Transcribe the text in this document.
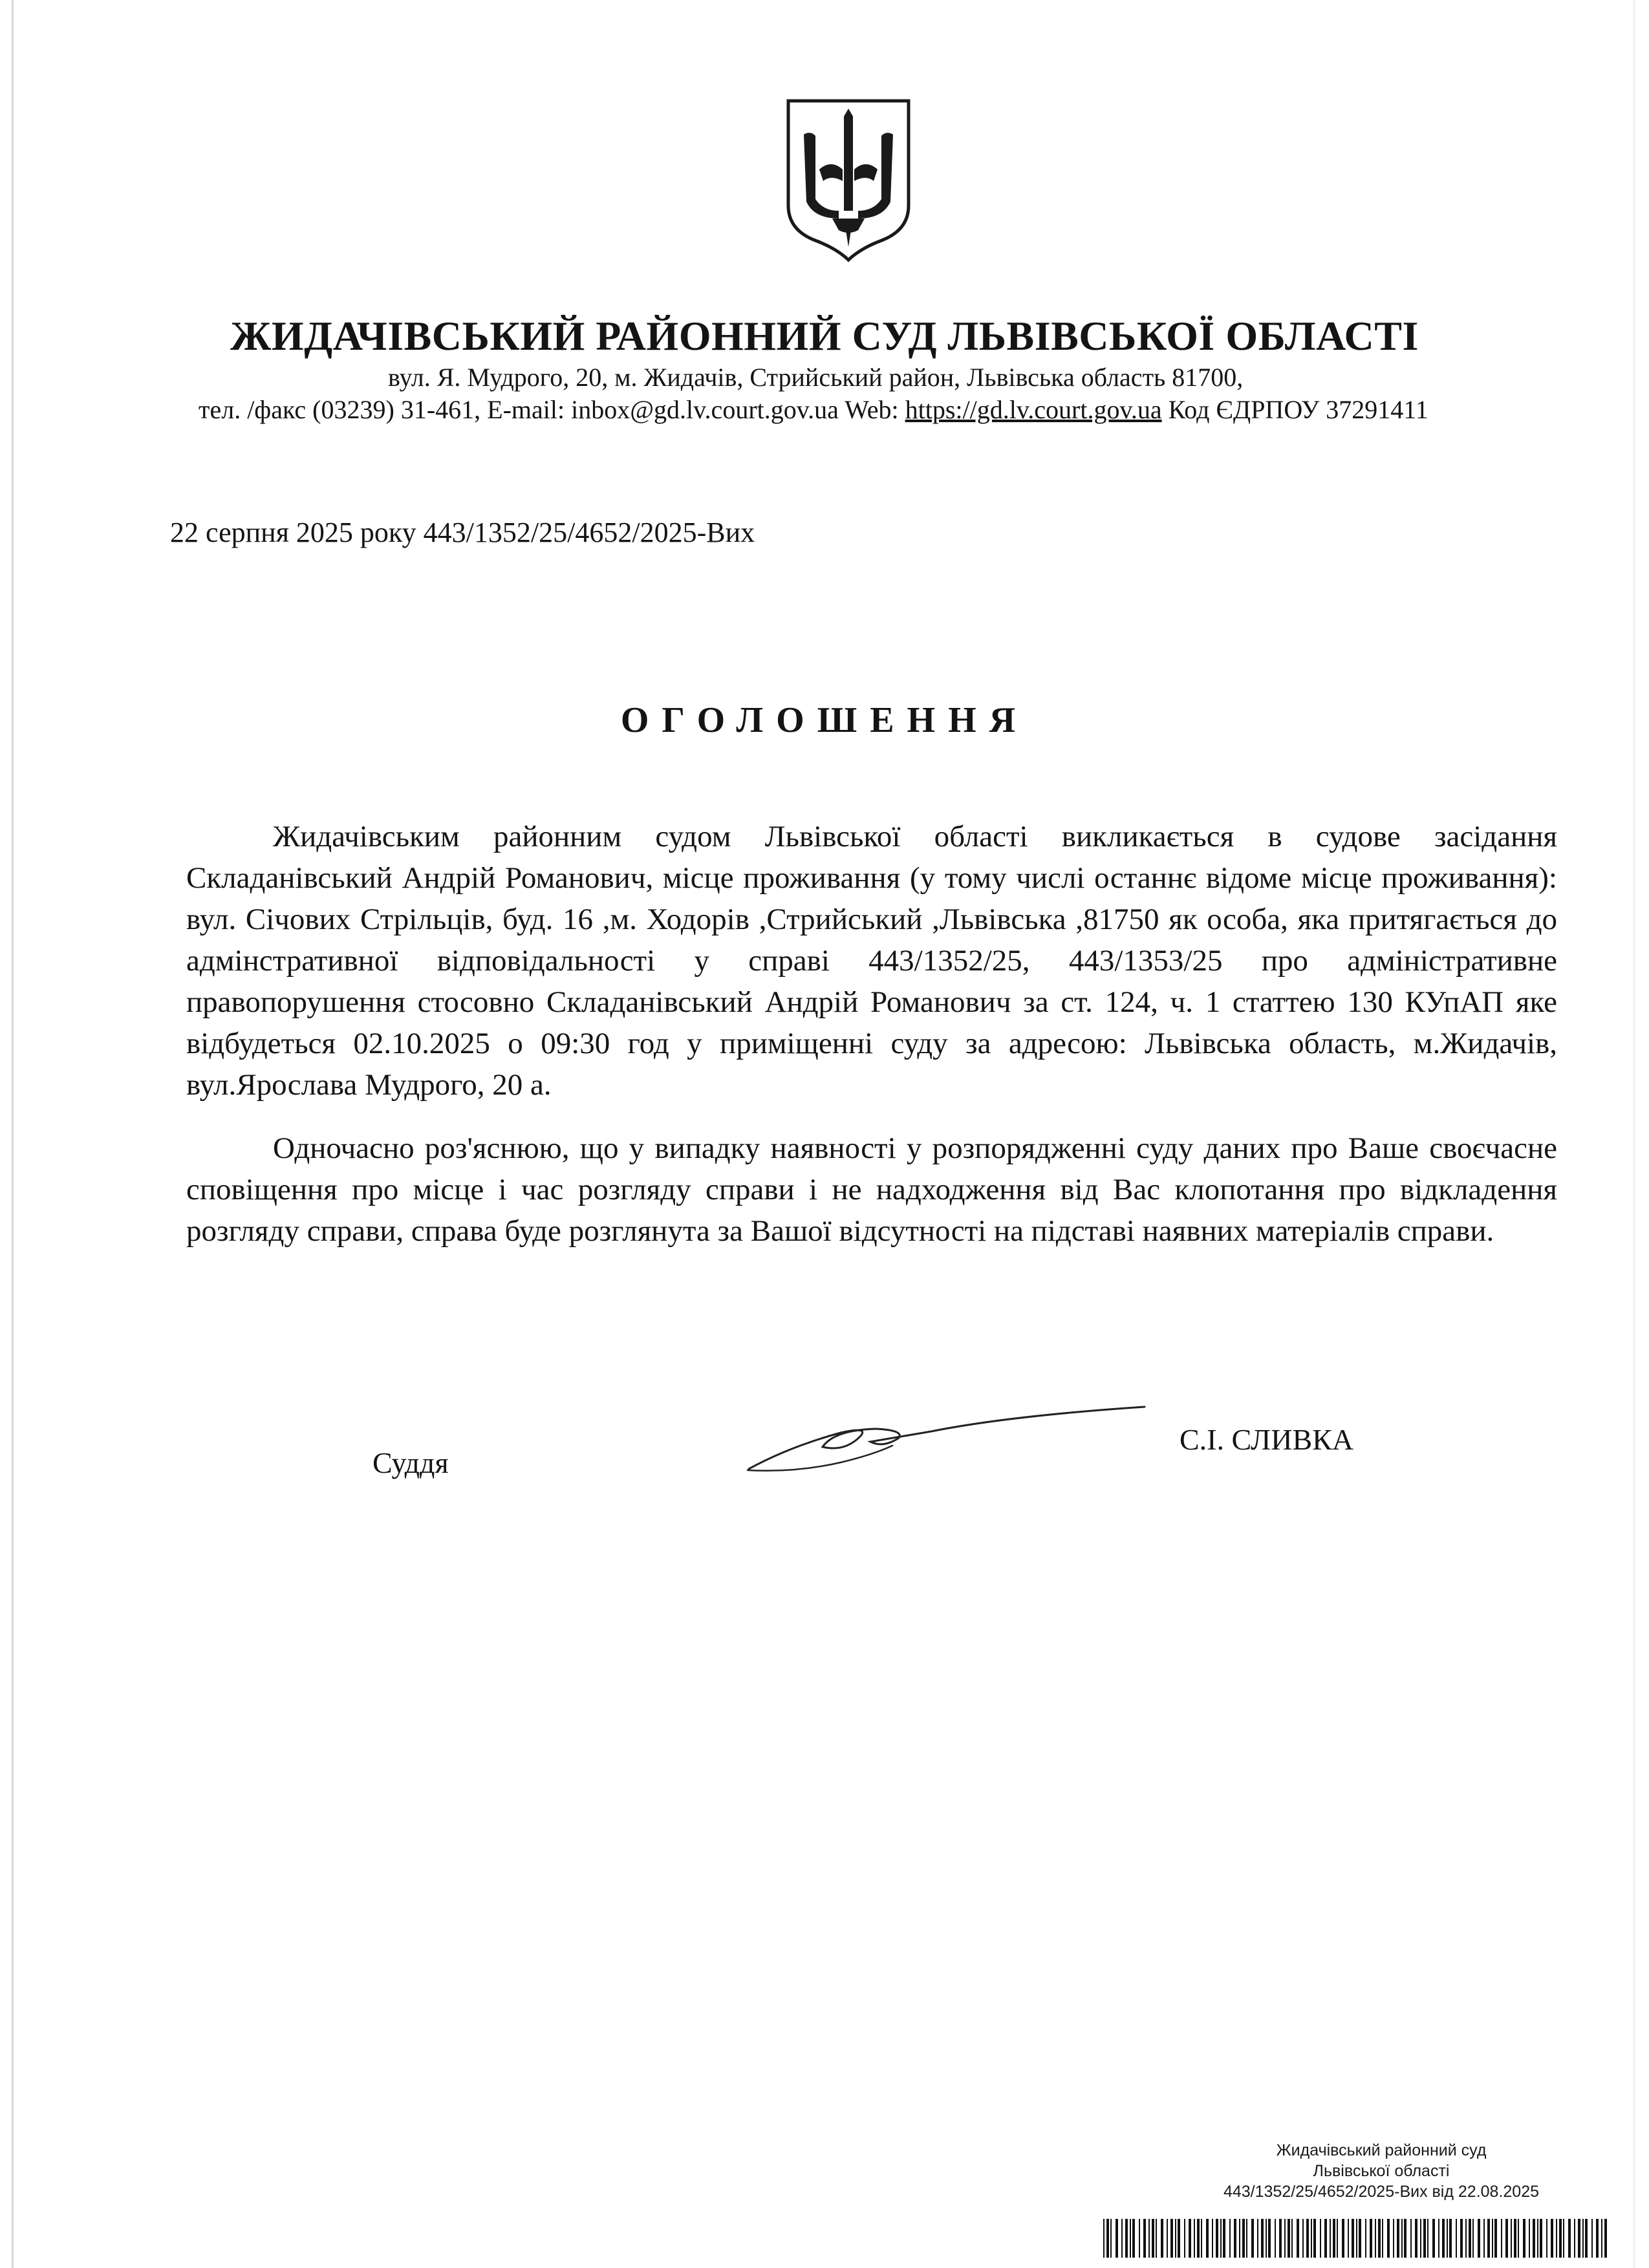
ЖИДАЧІВСЬКИЙ РАЙОННИЙ СУД ЛЬВІВСЬКОЇ ОБЛАСТІ
вул. Я. Мудрого, 20, м. Жидачів, Стрийський район, Львівська область 81700,
тел. /факс (03239) 31-461, E-mail: inbox@gd.lv.court.gov.ua Web: https://gd.lv.court.gov.ua Код ЄДРПОУ 37291411
22 серпня 2025 року 443/1352/25/4652/2025-Вих
ОГОЛОШЕННЯ

Жидачівським районним судом Львівської області викликається в судове засідання Складанівський Андрій Романович, місце проживання (у тому числі останнє відоме місце проживання): вул. Січових Стрільців, буд. 16 ,м. Ходорів ,Стрийський ,Львівська ,81750 як особа, яка притягається до адмінстративної відповідальності у справі 443/1352/25, 443/1353/25 про адміністративне правопорушення стосовно Складанівський Андрій Романович за ст. 124, ч. 1 статтею 130 КУпАП яке відбудеться 02.10.2025 о 09:30 год у приміщенні суду за адресою: Львівська область, м.Жидачів, вул.Ярослава Мудрого, 20 а.

Одночасно роз'яснюю, що у випадку наявності у розпорядженні суду даних про Ваше своєчасне сповіщення про місце і час розгляду справи і не надходження від Вас клопотання про відкладення розгляду справи, справа буде розглянута за Вашої відсутності на підставі наявних матеріалів справи.

Суддя
С.І. СЛИВКА
Жидачівський районний суд
Львівської області
443/1352/25/4652/2025-Вих від 22.08.2025
